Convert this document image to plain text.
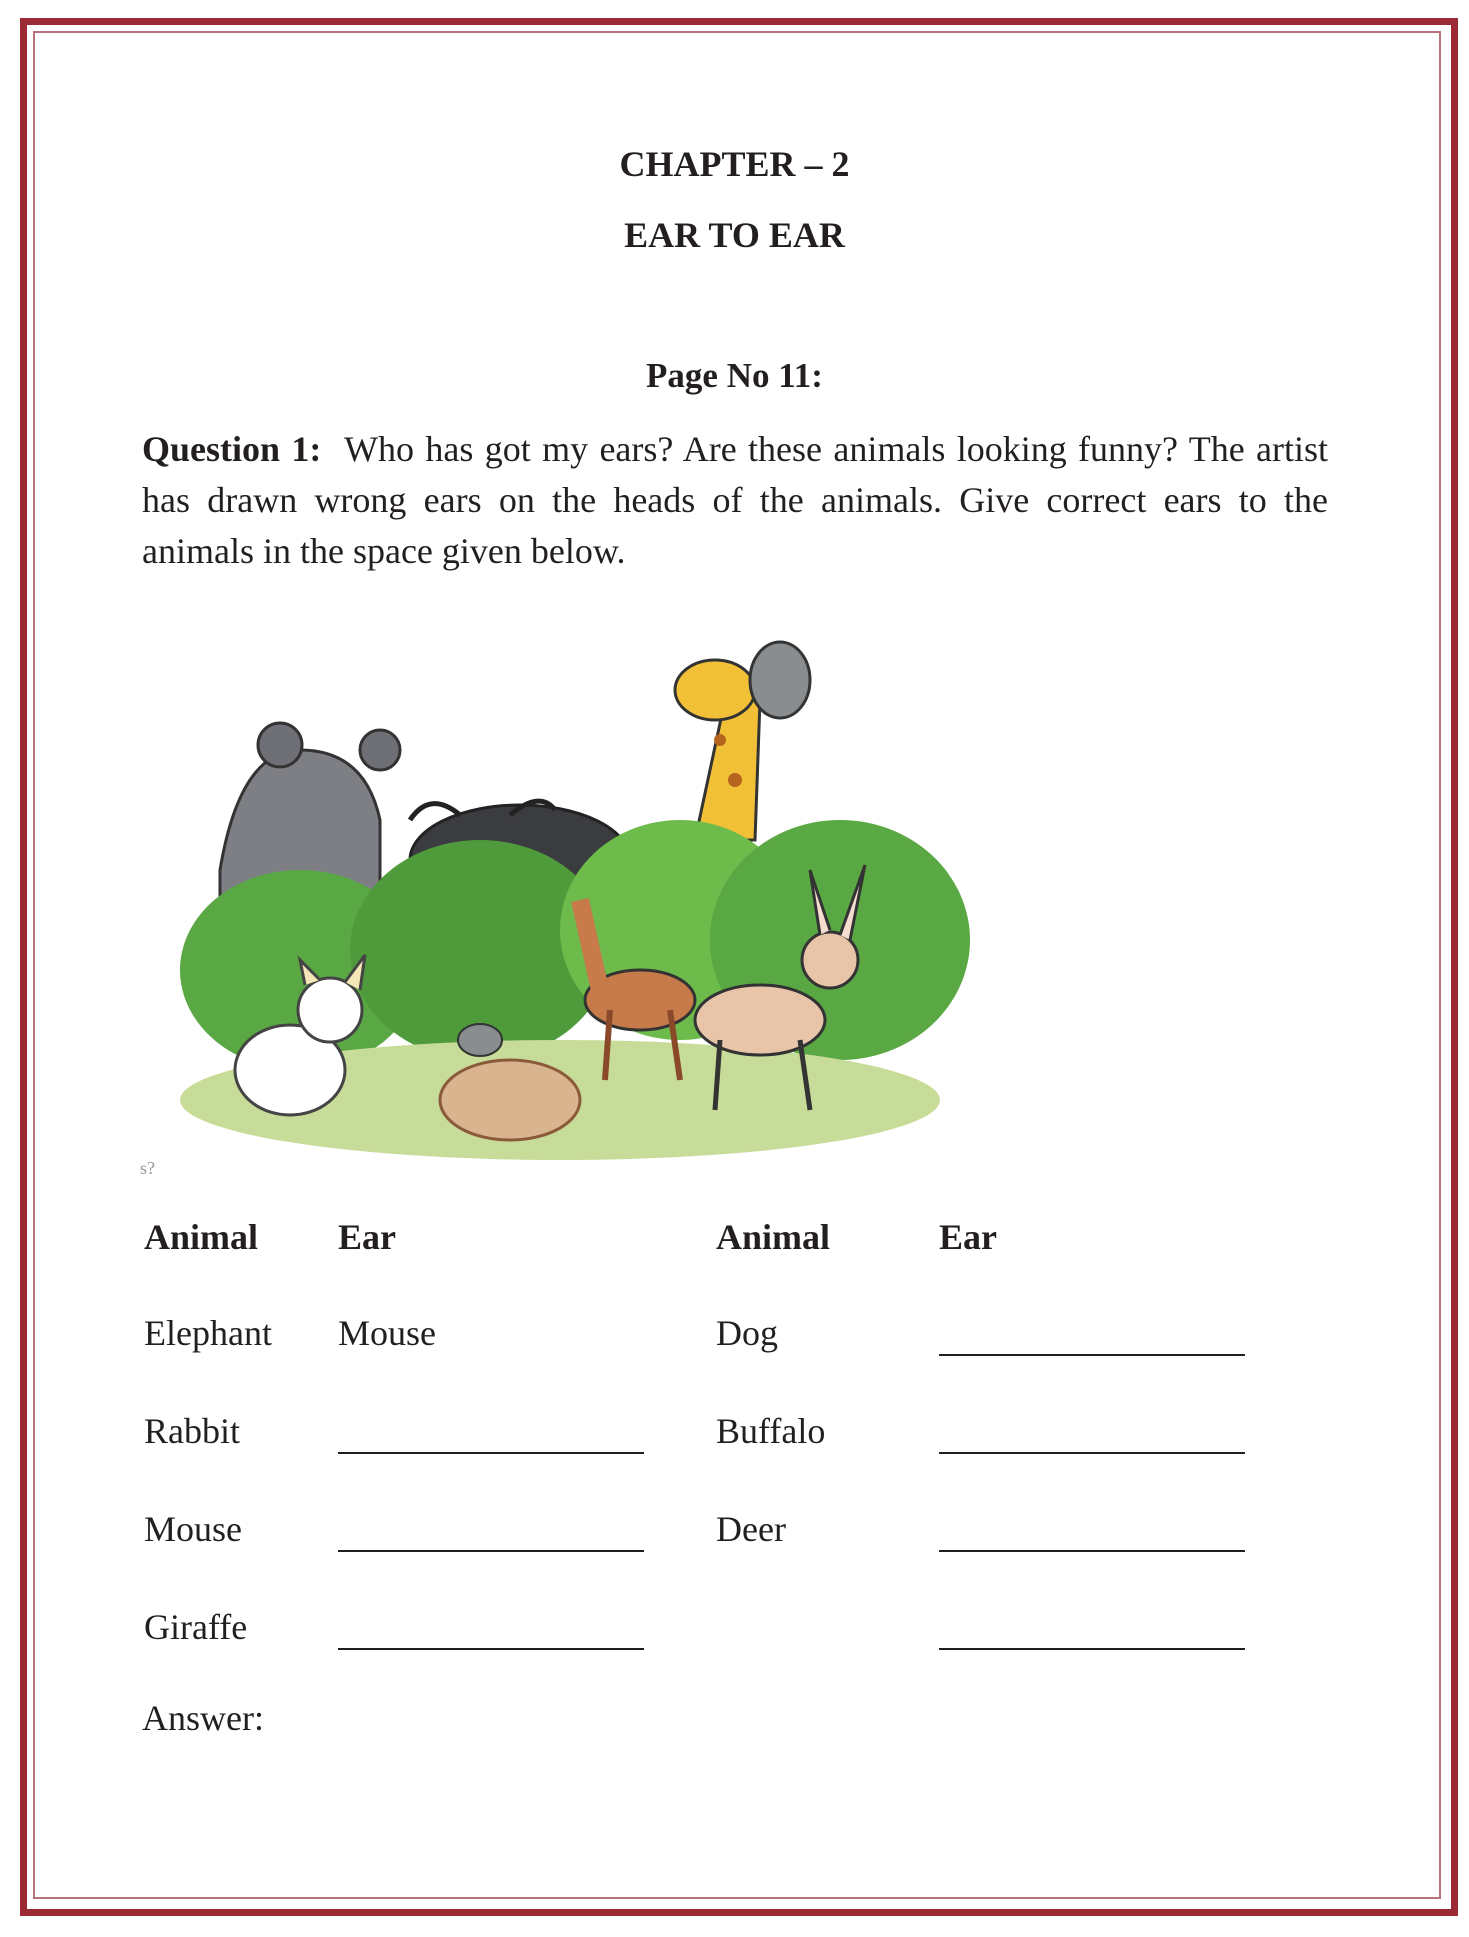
CHAPTER – 2
EAR TO EAR
Page No 11:
Question 1: Who has got my ears? Are these animals looking funny? The artist has drawn wrong ears on the heads of the animals. Give correct ears to the animals in the space given below.
s?
Animal Ear	Animal	Ear
Elephant Mouse
Rabbit
Mouse
Giraffe
Dog
Buffalo
Deer
Answer:
